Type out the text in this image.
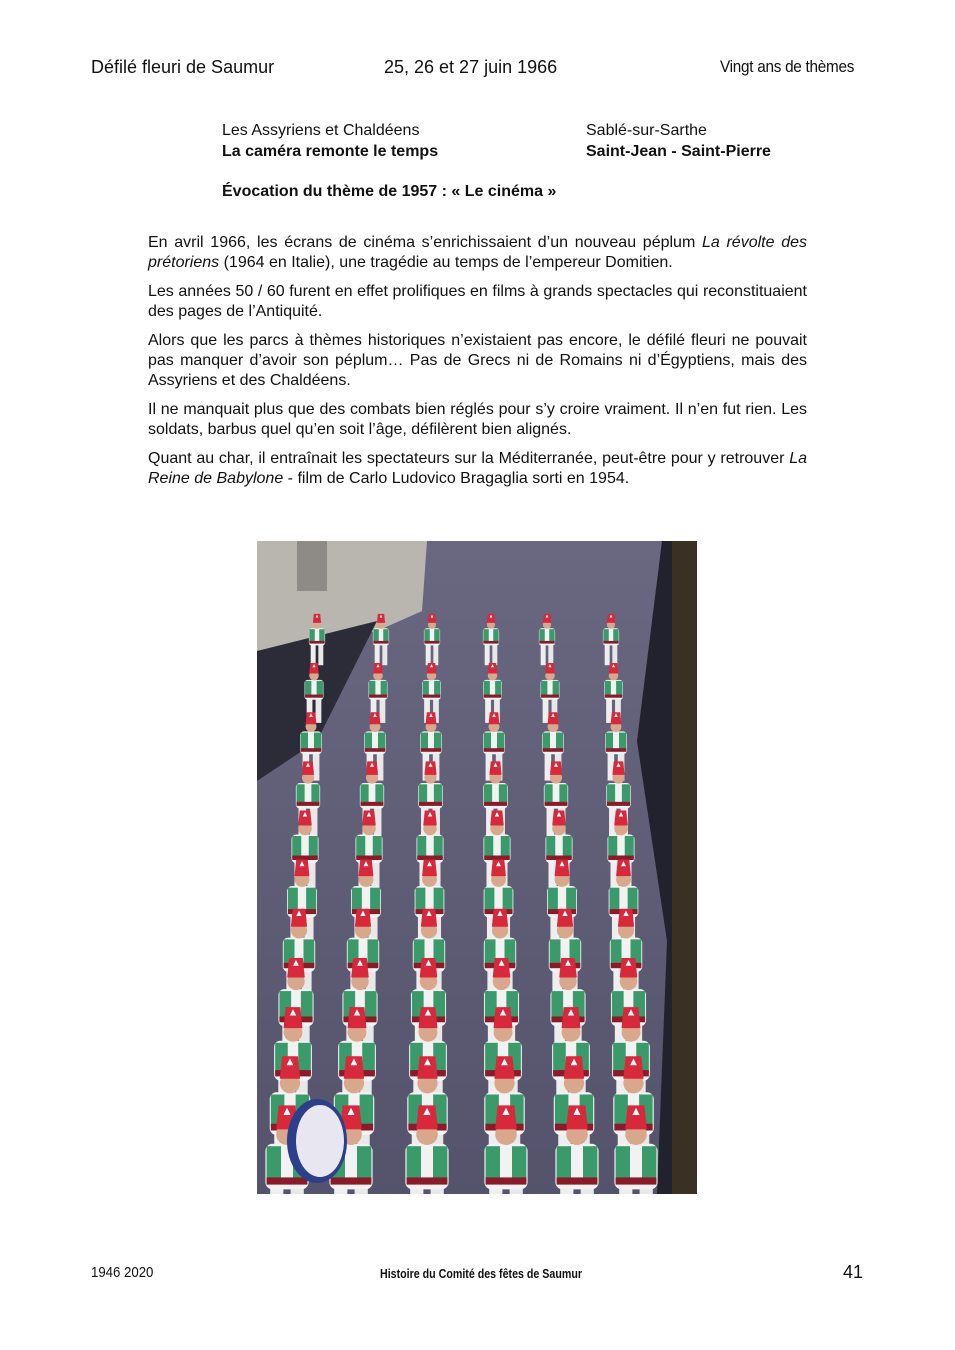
Défilé fleuri de Saumur	25, 26 et 27 juin 1966	Vingt ans de thèmes
Les Assyriens et Chaldéens
La caméra remonte le temps
Sablé-sur-Sarthe
Saint-Jean - Saint-Pierre
Évocation du thème de 1957 : « Le cinéma »

En avril 1966, les écrans de cinéma s’enrichissaient d’un nouveau péplum La révolte des prétoriens (1964 en Italie), une tragédie au temps de l’empereur Domitien.

Les années 50 / 60 furent en effet prolifiques en films à grands spectacles qui reconstituaient des pages de l’Antiquité.

Alors que les parcs à thèmes historiques n’existaient pas encore, le défilé fleuri ne pouvait pas manquer d’avoir son péplum… Pas de Grecs ni de Romains ni d’Égyptiens, mais des Assyriens et des Chaldéens.

Il ne manquait plus que des combats bien réglés pour s’y croire vraiment. Il n’en fut rien. Les soldats, barbus quel qu’en soit l’âge, défilèrent bien alignés.

Quant au char, il entraînait les spectateurs sur la Méditerranée, peut-être pour y retrouver La Reine de Babylone - film de Carlo Ludovico Bragaglia sorti en 1954.

1946 2020	Histoire du Comité des fêtes de Saumur	41
